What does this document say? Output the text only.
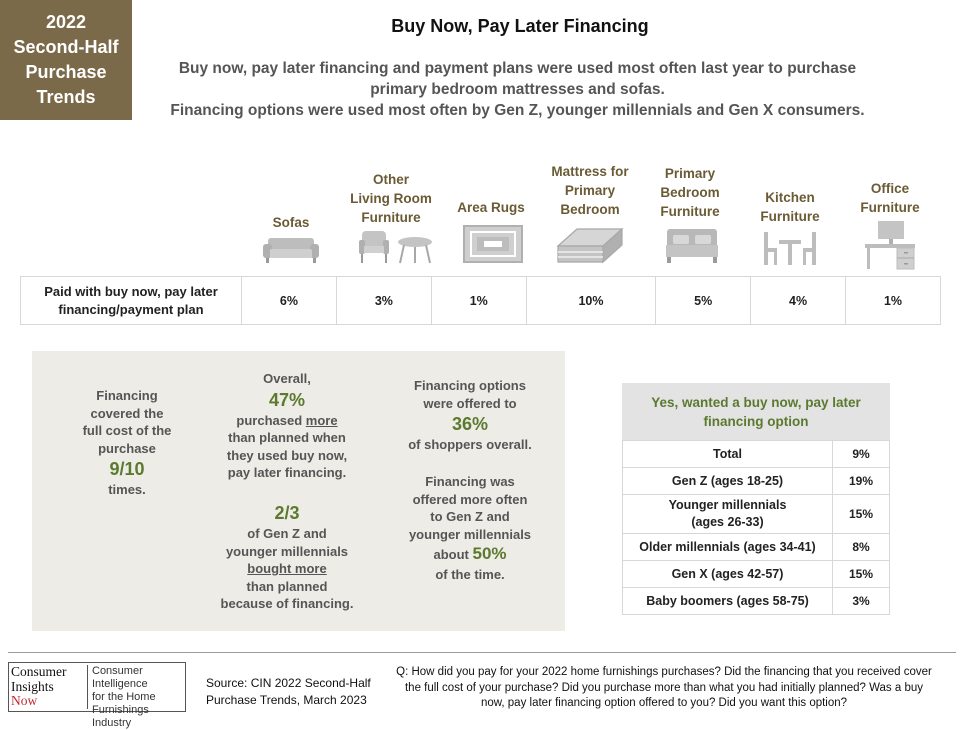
2022
Second-Half
Purchase
Trends
Buy Now, Pay Later Financing
Buy now, pay later financing and payment plans were used most often last year to purchase
primary bedroom mattresses and sofas.
Financing options were used most often by Gen Z, younger millennials and Gen X consumers.
Sofas
Other
Living Room
Furniture
Area Rugs
Mattress for
Primary
Bedroom
Primary
Bedroom
Furniture
Kitchen
Furniture
Office
Furniture
Paid with buy now, pay later
financing/payment plan
	6%	3%	1%	10%	5%	4%	1%
Financing
covered the
full cost of the
purchase
9/10
times.
Overall,
47%
purchased more
than planned when
they used buy now,
pay later financing.
2/3
of Gen Z and
younger millennials
bought more
than planned
because of financing.
Financing options
were offered to
36%
of shoppers overall.
Financing was
offered more often
to Gen Z and
younger millennials
about 50%
of the time.
Yes, wanted a buy now, pay later
financing option
Total	9%
Gen Z (ages 18-25)	19%

Younger millennials
(ages 26-33)	15%
Older millennials (ages 34-41)	8%
Gen X (ages 42-57)	15%
Baby boomers (ages 58-75)	3%
Consumer
Insights
Now
Consumer Intelligence
for the Home
Furnishings Industry
Source: CIN 2022 Second-Half
Purchase Trends, March 2023
Q: How did you pay for your 2022 home furnishings purchases? Did the financing that you received cover the full cost of your purchase? Did you purchase more than what you had initially planned? Was a buy now, pay later financing option offered to you? Did you want this option?
